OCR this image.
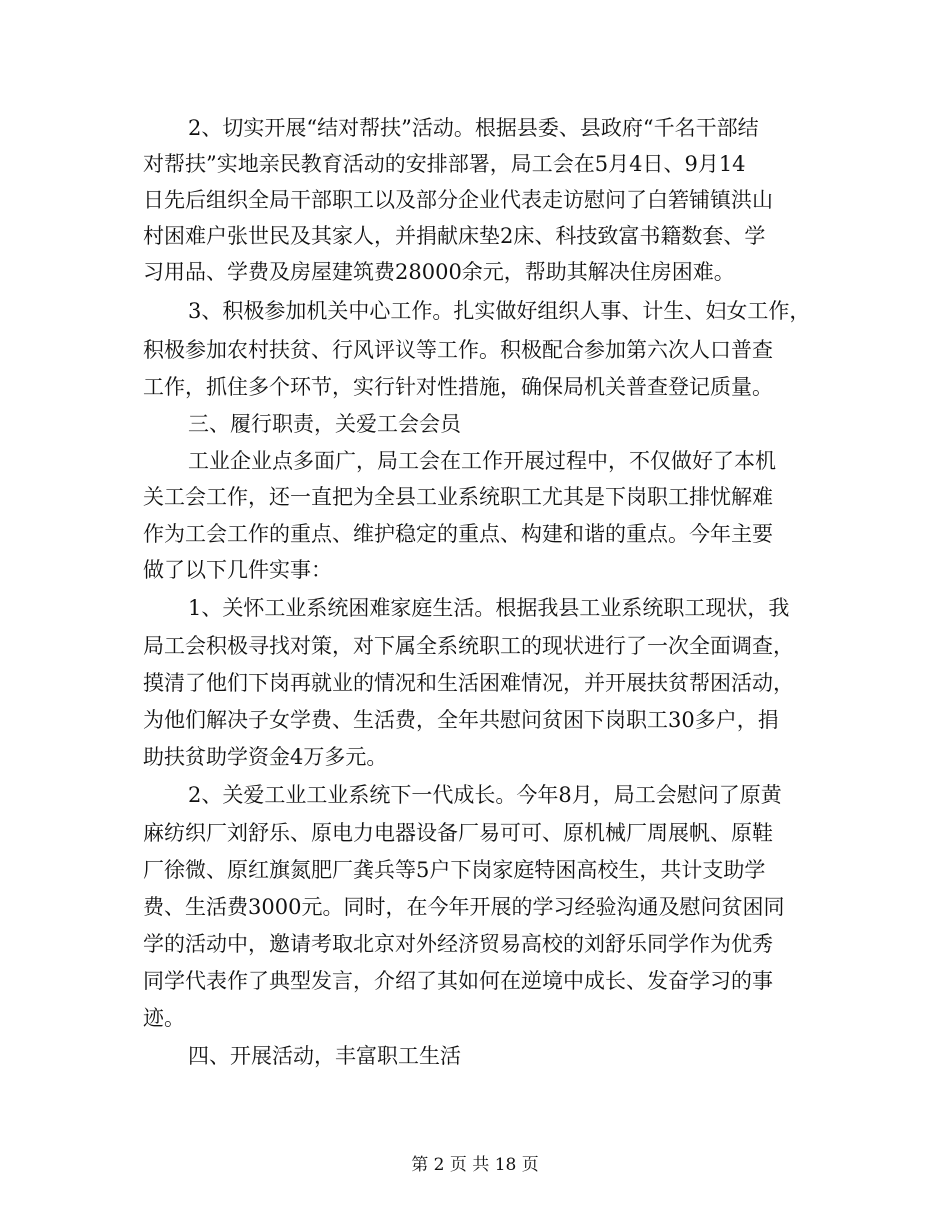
2、切实开展“结对帮扶”活动。根据县委、县政府“千名干部结
对帮扶”实地亲民教育活动的安排部署，局工会在5月4日、9月14
日先后组织全局干部职工以及部分企业代表走访慰问了白箬铺镇洪山
村困难户张世民及其家人，并捐献床垫2床、科技致富书籍数套、学
习用品、学费及房屋建筑费28000余元，帮助其解决住房困难。
3、积极参加机关中心工作。扎实做好组织人事、计生、妇女工作，
积极参加农村扶贫、行风评议等工作。积极配合参加第六次人口普查
工作，抓住多个环节，实行针对性措施，确保局机关普查登记质量。
三、履行职责，关爱工会会员
工业企业点多面广，局工会在工作开展过程中，不仅做好了本机
关工会工作，还一直把为全县工业系统职工尤其是下岗职工排忧解难
作为工会工作的重点、维护稳定的重点、构建和谐的重点。今年主要
做了以下几件实事：
1、关怀工业系统困难家庭生活。根据我县工业系统职工现状，我
局工会积极寻找对策，对下属全系统职工的现状进行了一次全面调查，
摸清了他们下岗再就业的情况和生活困难情况，并开展扶贫帮困活动，
为他们解决子女学费、生活费，全年共慰问贫困下岗职工30多户，捐
助扶贫助学资金4万多元。
2、关爱工业工业系统下一代成长。今年8月，局工会慰问了原黄
麻纺织厂刘舒乐、原电力电器设备厂易可可、原机械厂周展帆、原鞋
厂徐微、原红旗氮肥厂龚兵等5户下岗家庭特困高校生，共计支助学
费、生活费3000元。同时，在今年开展的学习经验沟通及慰问贫困同
学的活动中，邀请考取北京对外经济贸易高校的刘舒乐同学作为优秀
同学代表作了典型发言，介绍了其如何在逆境中成长、发奋学习的事
迹。
四、开展活动，丰富职工生活
第 2 页 共 18 页
